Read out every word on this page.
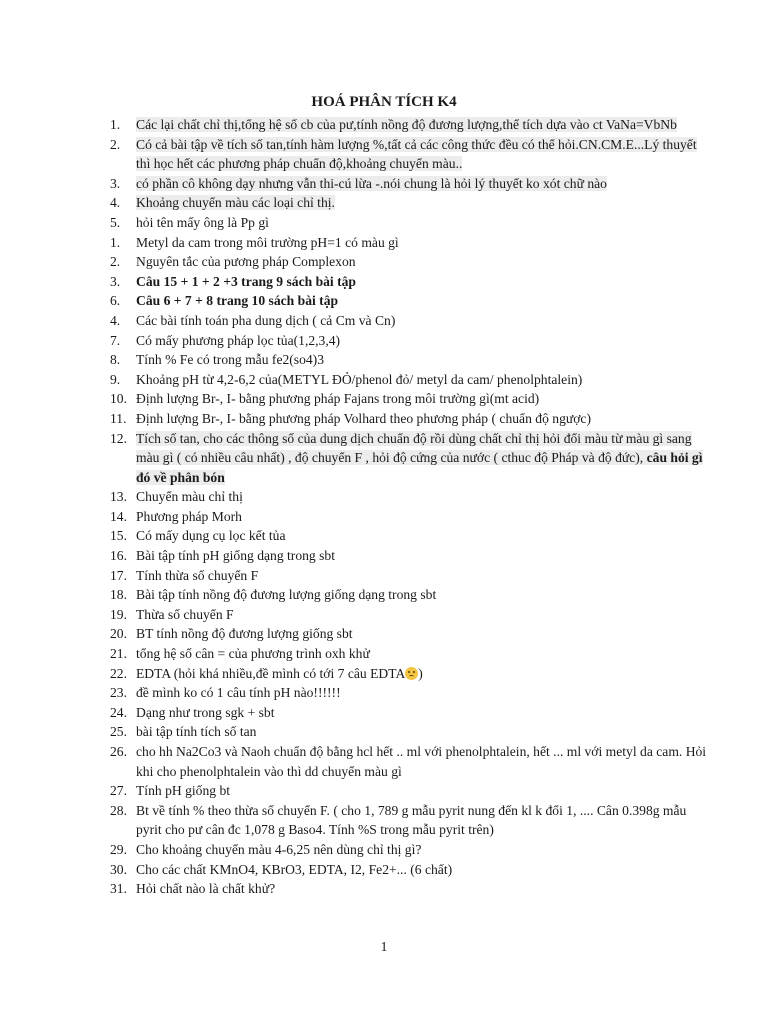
HOÁ PHÂN TÍCH K4
1.	Các lại chất chỉ thị,tổng hệ số cb của pư,tính nồng độ đương lượng,thể tích dựa vào ct VaNa=VbNb
2.	Có cả bài tập về tích số tan,tính hàm lượng %,tất cả các công thức đều có thể hỏi.CN.CM.E...Lý thuyết thì học hết các phương pháp chuẩn độ,khoảng chuyển màu..
3.	có phần cô không dạy nhưng vẫn thi-cú lừa -.nói chung là hỏi lý thuyết ko xót chữ nào
4.	Khoảng chuyển màu các loại chỉ thị.
5.	hỏi tên mấy ông là Pp gì
1.	Metyl da cam trong môi trường pH=1 có màu gì
2.	Nguyên tắc của pương pháp Complexon
3.	Câu 15 + 1 + 2 +3 trang 9 sách bài tập
6.	Câu 6 + 7 + 8 trang 10 sách bài tập
4.	Các bài tính toán pha dung dịch ( cả Cm và Cn)
7.	Có mấy phương pháp lọc tủa(1,2,3,4)
8.	Tính % Fe có trong mẫu fe2(so4)3
9.	Khoảng pH từ 4,2-6,2 của(METYL ĐỎ/phenol đỏ/ metyl da cam/ phenolphtalein)
10. Định lượng Br-, I- bằng phương pháp Fajans trong môi trường gì(mt acid)
11. Định lượng Br-, I- bằng phương pháp Volhard theo phương pháp ( chuẩn độ ngược)
12. Tích số tan, cho các thông số của dung dịch chuẩn độ rồi dùng chất chỉ thị hỏi đổi màu từ màu gì sang màu gì ( có nhiều câu nhất) , độ chuyển F , hỏi độ cứng của nước ( cthuc độ Pháp và độ đức), câu hỏi gì đó về phân bón
13. Chuyển màu chỉ thị
14. Phương pháp Morh
15. Có mấy dụng cụ lọc kết tủa
16. Bài tập tính pH giống dạng trong sbt
17. Tính thừa số chuyển F
18. Bài tập tính nồng độ đương lượng giống dạng trong sbt
19. Thừa số chuyển F
20. BT tính nồng độ đương lượng giống sbt
21. tổng hệ số cân = của phương trình oxh khử
22. EDTA (hỏi khá nhiều,đề mình có tới 7 câu EDTA )
23. đề mình ko có 1 câu tính pH nào!!!!!!
24. Dạng như trong sgk + sbt
25. bài tập tính tích số tan
26. cho hh Na2Co3 và Naoh chuẩn độ bằng hcl hết .. ml với phenolphtalein, hết ... ml với metyl da cam. Hỏi khi cho phenolphtalein vào thì dd chuyển màu gì
27. Tính pH giống bt
28. Bt về tính % theo thừa số chuyển F. ( cho 1, 789 g mẫu pyrit nung đến kl k đổi 1, .... Cân 0.398g mẫu pyrit cho pư cân đc 1,078 g Baso4. Tính %S trong mẫu pyrit trên)
29. Cho khoảng chuyển màu 4-6,25 nên dùng chỉ thị gì?
30. Cho các chất KMnO4, KBrO3, EDTA, I2, Fe2+... (6 chất)
31. Hỏi chất nào là chất khử?
1
